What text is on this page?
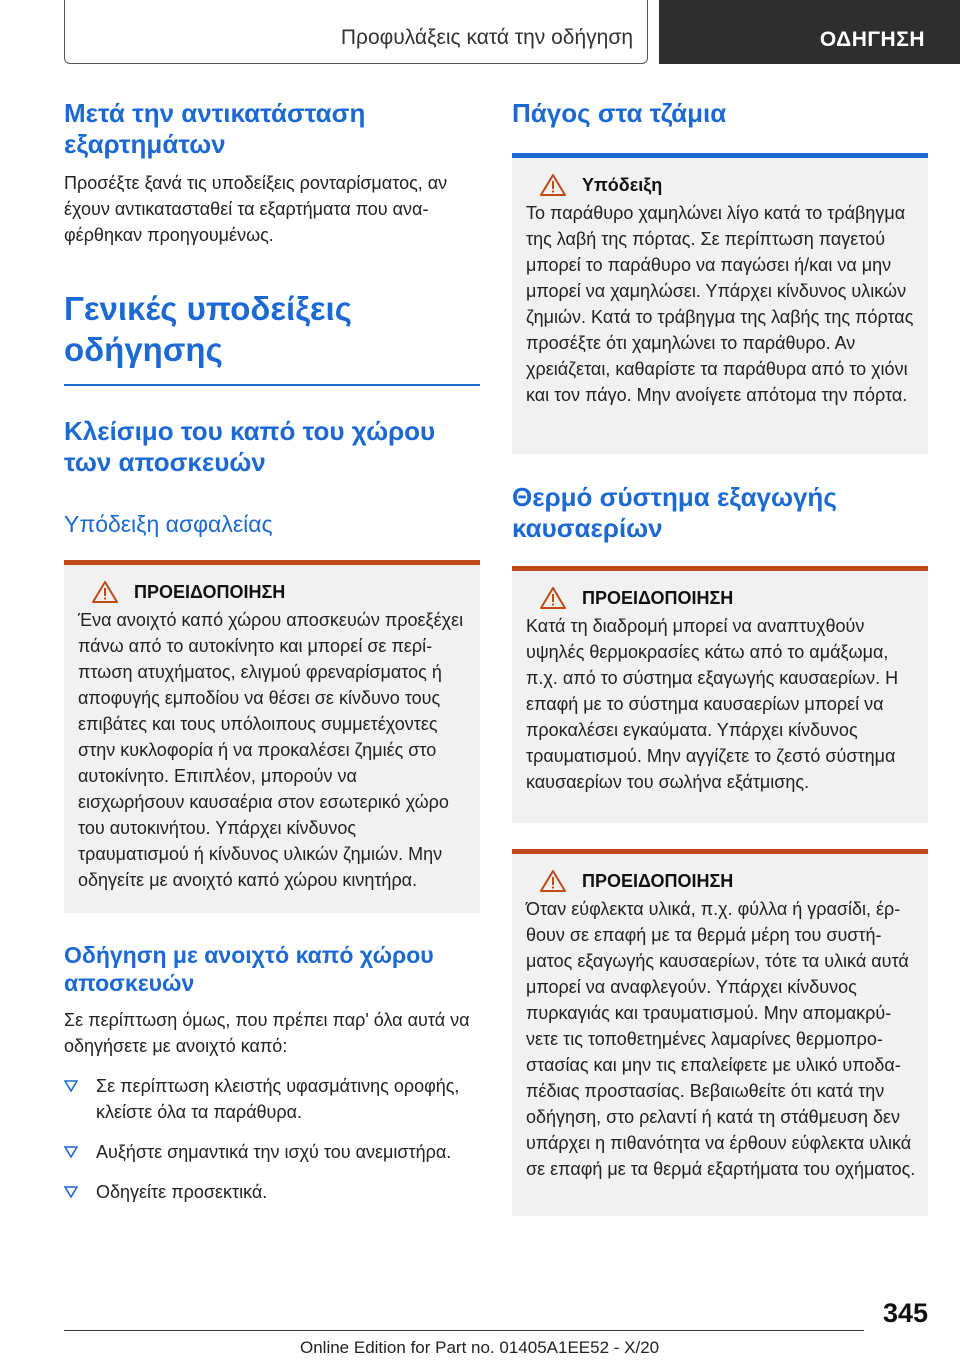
Προφυλάξεις κατά την οδήγηση	ΟΔΗΓΗΣΗ
Μετά την αντικατάσταση εξαρτημάτων

Προσέξτε ξανά τις υποδείξεις ρονταρίσματος, αν έχουν αντικατασταθεί τα εξαρτήματα που αναφέρθηκαν προηγουμένως.

Γενικές υποδείξεις οδήγησης
Κλείσιμο του καπό του χώρου των αποσκευών
Υπόδειξη ασφαλείας
ΠΡΟΕΙΔΟΠΟΙΗΣΗ

Ένα ανοιχτό καπό χώρου αποσκευών προεξέχει πάνω από το αυτοκίνητο και μπορεί σε περίπτωση ατυχήματος, ελιγμού φρεναρίσματος ή αποφυγής εμποδίου να θέσει σε κίνδυνο τους επιβάτες και τους υπόλοιπους συμμετέχοντες στην κυκλοφορία ή να προκαλέσει ζημιές στο αυτοκίνητο. Επιπλέον, μπορούν να εισχωρήσουν καυσαέρια στον εσωτερικό χώρο του αυτοκινήτου. Υπάρχει κίνδυνος τραυματισμού ή κίνδυνος υλικών ζημιών. Μην οδηγείτε με ανοιχτό καπό χώρου κινητήρα.

Οδήγηση με ανοιχτό καπό χώρου αποσκευών

Σε περίπτωση όμως, που πρέπει παρ' όλα αυτά να οδηγήσετε με ανοιχτό καπό:

Σε περίπτωση κλειστής υφασμάτινης οροφής, κλείστε όλα τα παράθυρα.
Αυξήστε σημαντικά την ισχύ του ανεμιστήρα.
Οδηγείτε προσεκτικά.
Πάγος στα τζάμια
Υπόδειξη

Το παράθυρο χαμηλώνει λίγο κατά το τράβηγμα της λαβή της πόρτας. Σε περίπτωση παγετού μπορεί το παράθυρο να παγώσει ή/και να μην μπορεί να χαμηλώσει. Υπάρχει κίνδυνος υλικών ζημιών. Κατά το τράβηγμα της λαβής της πόρτας προσέξτε ότι χαμηλώνει το παράθυρο. Αν χρειάζεται, καθαρίστε τα παράθυρα από το χιόνι και τον πάγο. Μην ανοίγετε απότομα την πόρτα.

Θερμό σύστημα εξαγωγής καυσαερίων
ΠΡΟΕΙΔΟΠΟΙΗΣΗ

Κατά τη διαδρομή μπορεί να αναπτυχθούν υψηλές θερμοκρασίες κάτω από το αμάξωμα, π.χ. από το σύστημα εξαγωγής καυσαερίων. Η επαφή με το σύστημα καυσαερίων μπορεί να προκαλέσει εγκαύματα. Υπάρχει κίνδυνος τραυματισμού. Μην αγγίζετε το ζεστό σύστημα καυσαερίων του σωλήνα εξάτμισης.

ΠΡΟΕΙΔΟΠΟΙΗΣΗ

Όταν εύφλεκτα υλικά, π.χ. φύλλα ή γρασίδι, έρθουν σε επαφή με τα θερμά μέρη του συστήματος εξαγωγής καυσαερίων, τότε τα υλικά αυτά μπορεί να αναφλεγούν. Υπάρχει κίνδυνος πυρκαγιάς και τραυματισμού. Μην απομακρύνετε τις τοποθετημένες λαμαρίνες θερμοπροστασίας και μην τις επαλείφετε με υλικό υποδαπέδιας προστασίας. Βεβαιωθείτε ότι κατά την οδήγηση, στο ρελαντί ή κατά τη στάθμευση δεν υπάρχει η πιθανότητα να έρθουν εύφλεκτα υλικά σε επαφή με τα θερμά εξαρτήματα του οχήματος.

345
Online Edition for Part no. 01405A1EE52 - X/20
